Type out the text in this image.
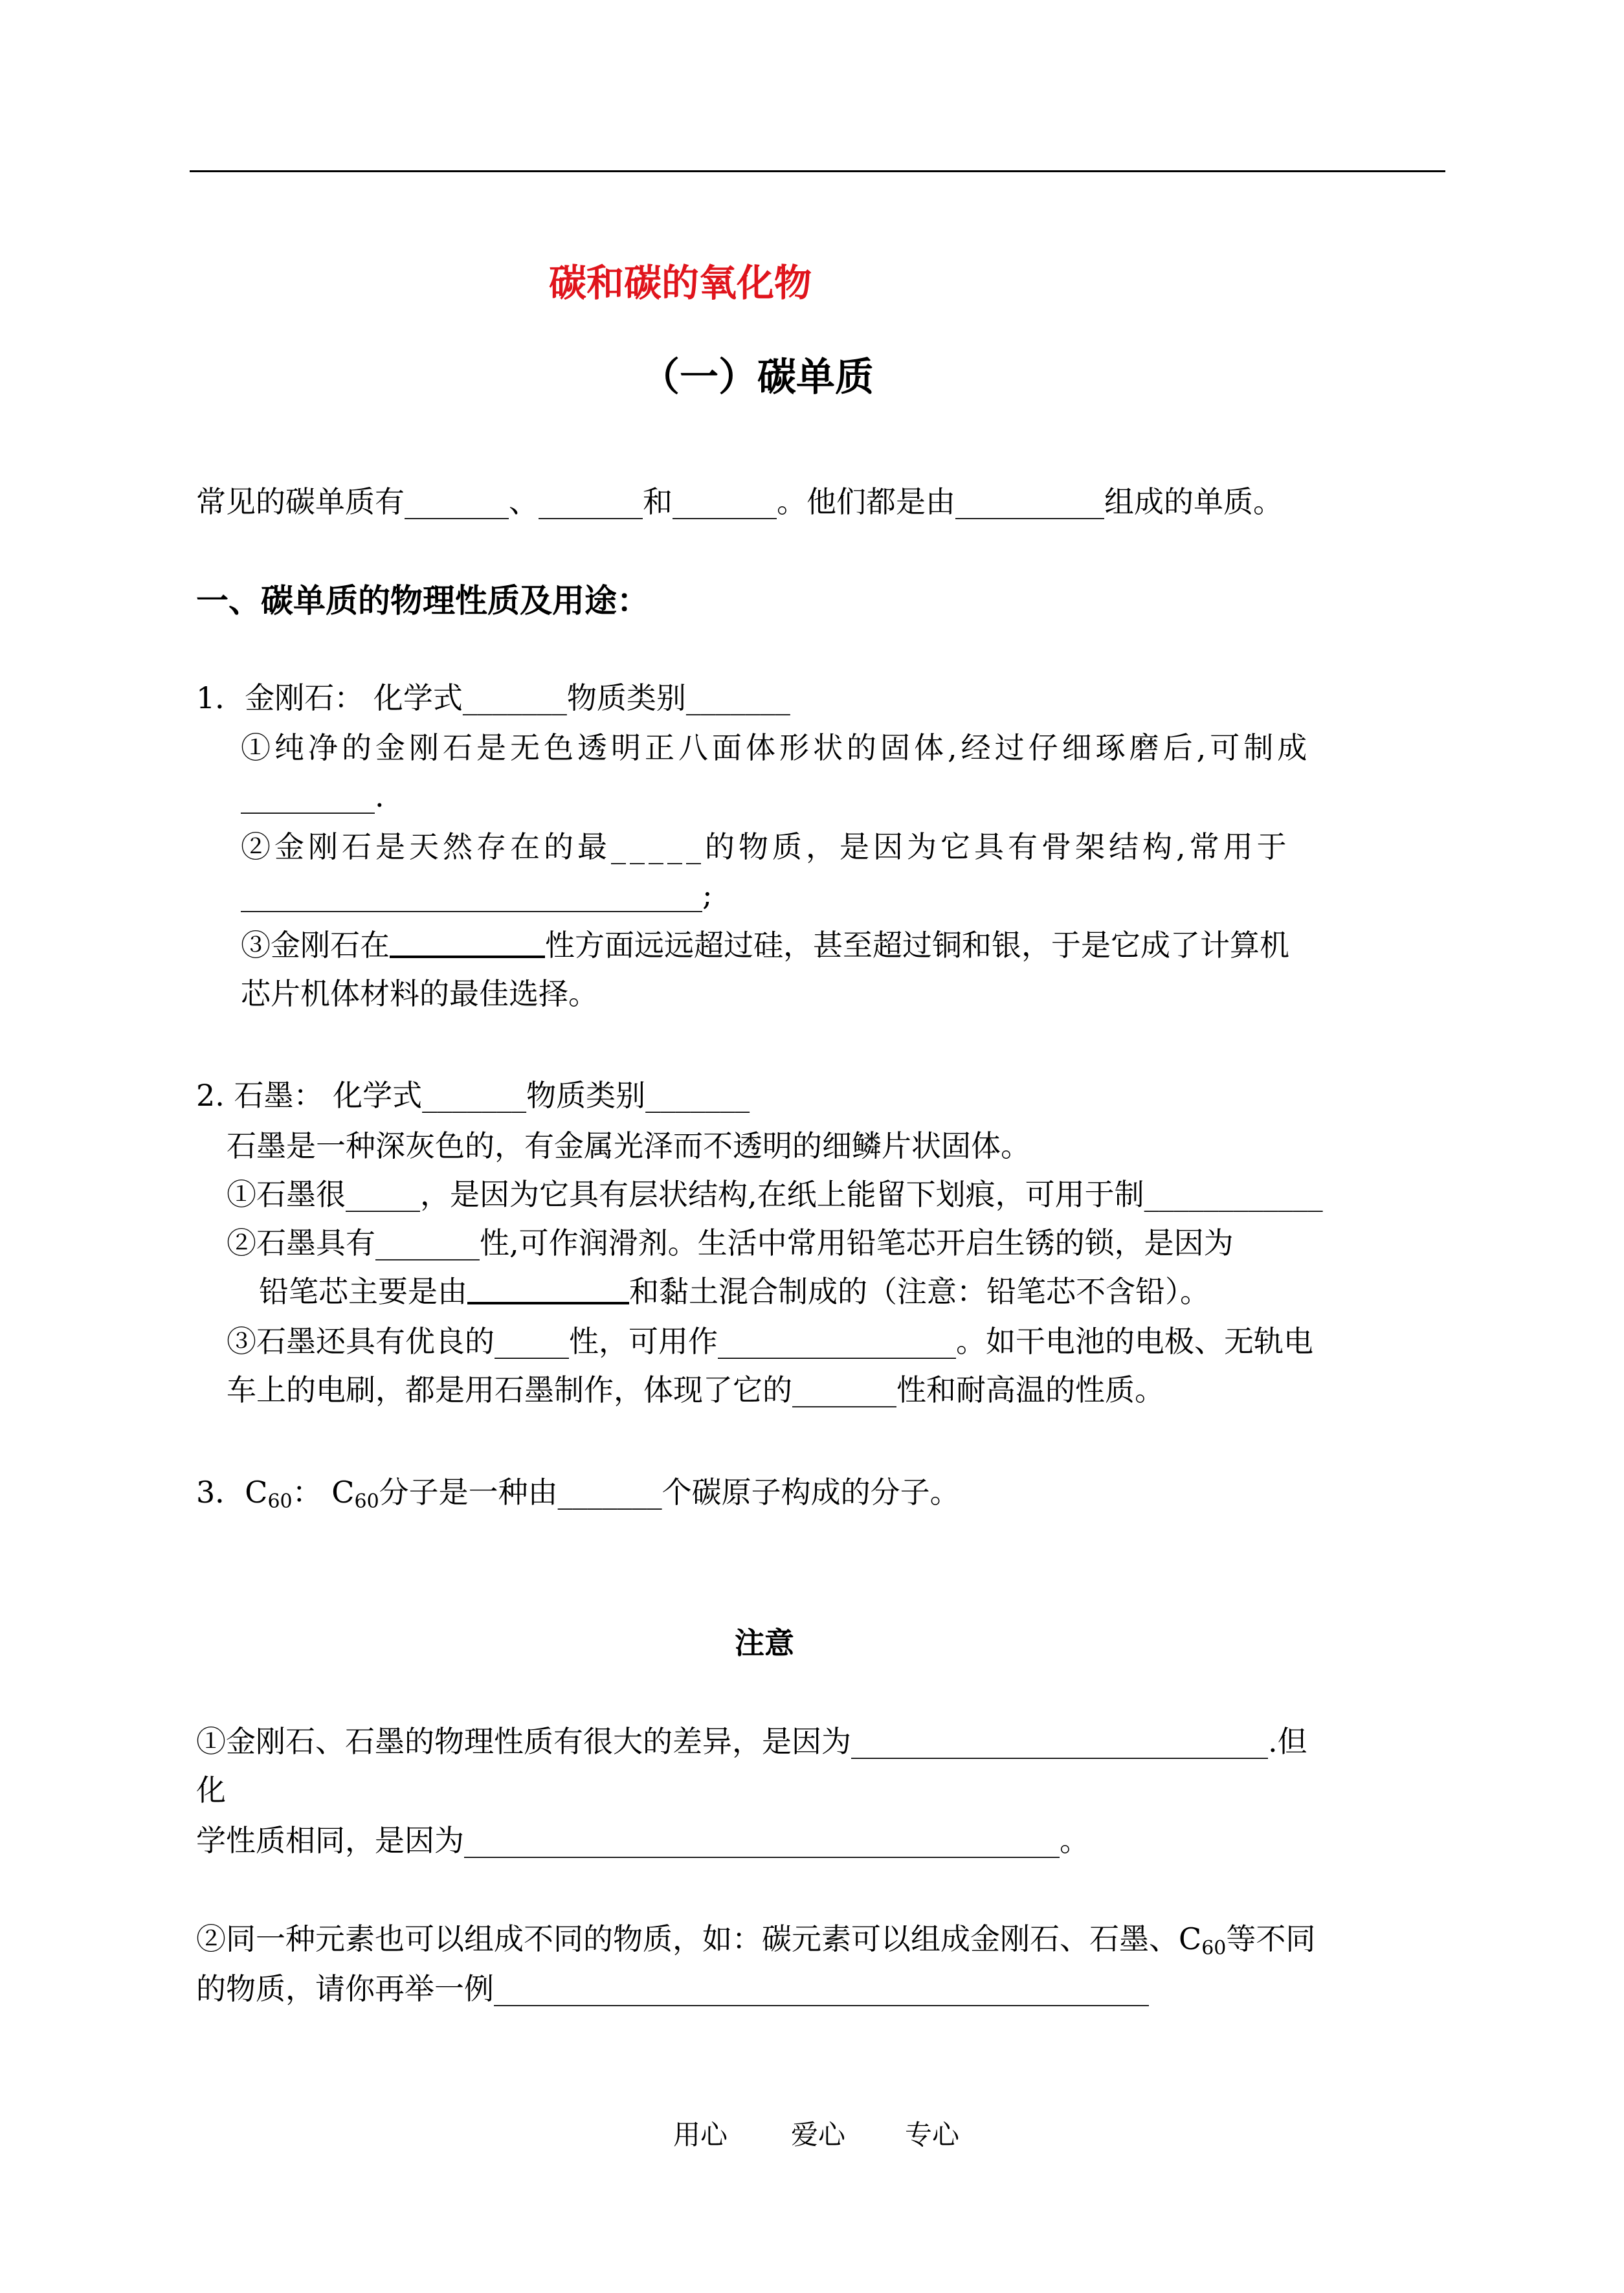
碳和碳的氧化物
（一）碳单质
常见的碳单质有_______、_______和_______。他们都是由__________组成的单质。
一、碳单质的物理性质及用途：
1．金刚石： 化学式_______物质类别_______
①纯净的金刚石是无色透明正八面体形状的固体,经过仔细琢磨后,可制成
_________.
②金刚石是天然存在的最_____的物质，是因为它具有骨架结构,常用于
_______________________________;
③金刚石在	性方面远远超过硅，甚至超过铜和银，于是它成了计算机
芯片机体材料的最佳选择。
2. 石墨： 化学式_______物质类别_______
石墨是一种深灰色的，有金属光泽而不透明的细鳞片状固体。
①石墨很_____，是因为它具有层状结构,在纸上能留下划痕，可用于制____________
②石墨具有_______性,可作润滑剂。生活中常用铅笔芯开启生锈的锁，是因为
铅笔芯主要是由	和黏土混合制成的（注意：铅笔芯不含铅）。
③石墨还具有优良的_____性，可用作________________。如干电池的电极、无轨电
车上的电刷，都是用石墨制作，体现了它的_______性和耐高温的性质。
3．$C_{60}$： $C_{60}$分子是一种由_______个碳原子构成的分子。
注意
①金刚石、石墨的物理性质有很大的差异，是因为____________________________.但
化
学性质相同，是因为________________________________________。
②同一种元素也可以组成不同的物质，如：碳元素可以组成金刚石、石墨、$C_{60}$等不同
的物质，请你再举一例____________________________________________
用心 爱心 专心
